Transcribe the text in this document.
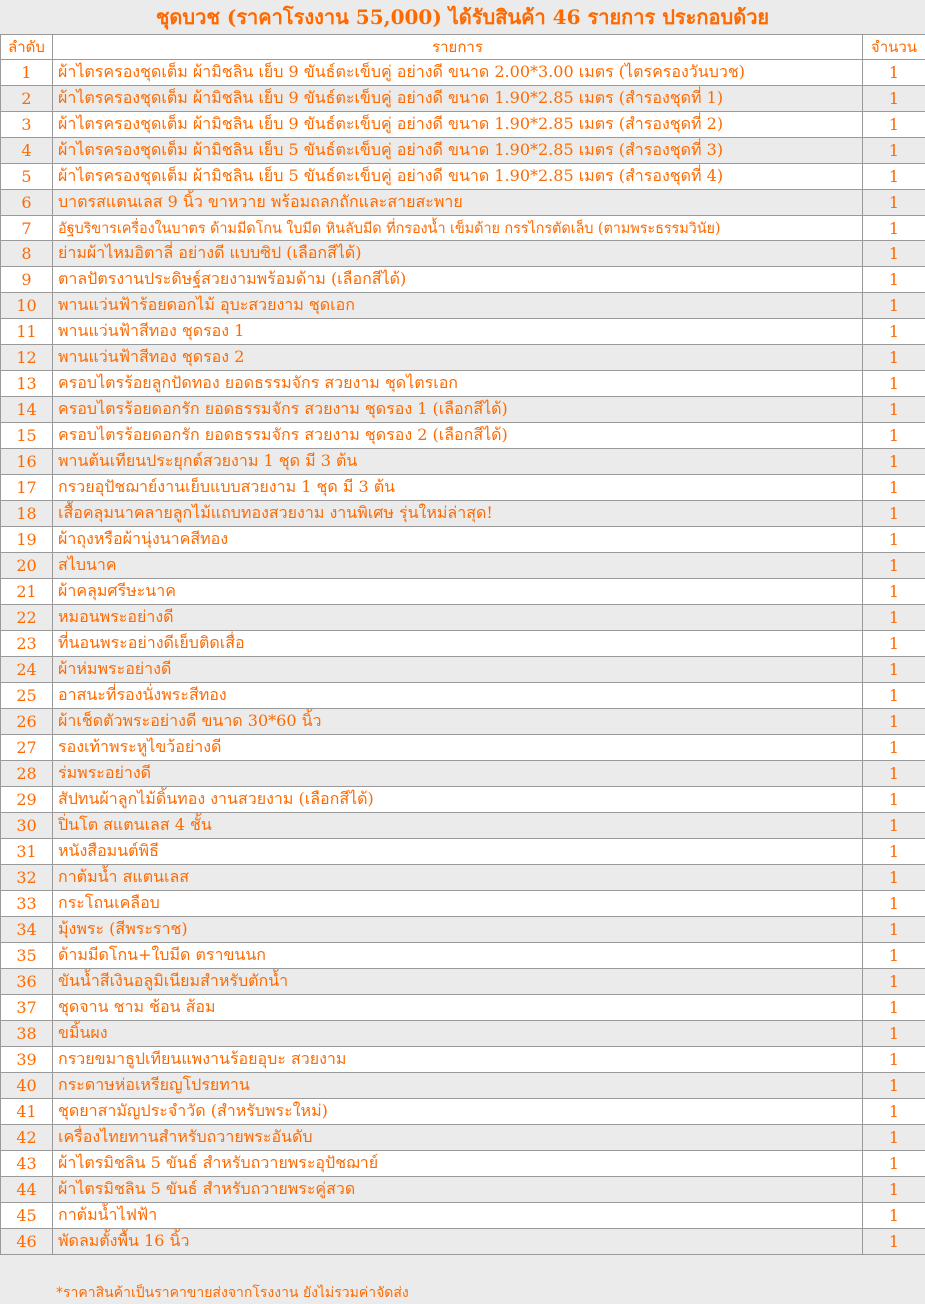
ชุดบวช (ราคาโรงงาน 55,000) ได้รับสินค้า 46 รายการ ประกอบด้วย
ลำดับ	รายการ	จำนวน
1	ผ้าไตรครองชุดเต็ม ผ้ามิชลิน เย็บ 9 ขันธ์ตะเข็บคู่ อย่างดี ขนาด 2.00*3.00 เมตร (ไตรครองวันบวช)	1
2	ผ้าไตรครองชุดเต็ม ผ้ามิชลิน เย็บ 9 ขันธ์ตะเข็บคู่ อย่างดี ขนาด 1.90*2.85 เมตร (สำรองชุดที่ 1)	1
3	ผ้าไตรครองชุดเต็ม ผ้ามิชลิน เย็บ 9 ขันธ์ตะเข็บคู่ อย่างดี ขนาด 1.90*2.85 เมตร (สำรองชุดที่ 2)	1
4	ผ้าไตรครองชุดเต็ม ผ้ามิชลิน เย็บ 5 ขันธ์ตะเข็บคู่ อย่างดี ขนาด 1.90*2.85 เมตร (สำรองชุดที่ 3)	1
5	ผ้าไตรครองชุดเต็ม ผ้ามิชลิน เย็บ 5 ขันธ์ตะเข็บคู่ อย่างดี ขนาด 1.90*2.85 เมตร (สำรองชุดที่ 4)	1
6	บาตรสแตนเลส 9 นิ้ว ขาหวาย พร้อมถลกถักและสายสะพาย	1
7	อัฐบริขารเครื่องในบาตร ด้ามมีดโกน ใบมีด หินลับมีด ที่กรองน้ำ เข็มด้าย กรรไกรตัดเล็บ (ตามพระธรรมวินัย)	1
8	ย่ามผ้าไหมอิตาลี่ อย่างดี แบบซิป (เลือกสีได้)	1
9	ตาลปัตรงานประดิษฐ์สวยงามพร้อมด้าม (เลือกสีได้)	1
10	พานแว่นฟ้าร้อยดอกไม้ อุบะสวยงาม ชุดเอก	1
11	พานแว่นฟ้าสีทอง ชุดรอง 1	1
12	พานแว่นฟ้าสีทอง ชุดรอง 2	1
13	ครอบไตรร้อยลูกปัดทอง ยอดธรรมจักร สวยงาม ชุดไตรเอก	1
14	ครอบไตรร้อยดอกรัก ยอดธรรมจักร สวยงาม ชุดรอง 1 (เลือกสีได้)	1
15	ครอบไตรร้อยดอกรัก ยอดธรรมจักร สวยงาม ชุดรอง 2 (เลือกสีได้)	1
16	พานต้นเทียนประยุกต์สวยงาม 1 ชุด มี 3 ต้น	1
17	กรวยอุปัชฌาย์งานเย็บแบบสวยงาม 1 ชุด มี 3 ต้น	1
18	เสื้อคลุมนาคลายลูกไม้แถบทองสวยงาม งานพิเศษ รุ่นใหม่ล่าสุด!	1
19	ผ้าถุงหรือผ้านุ่งนาคสีทอง	1
20	สไบนาค	1
21	ผ้าคลุมศรีษะนาค	1
22	หมอนพระอย่างดี	1
23	ที่นอนพระอย่างดีเย็บติดเสื่อ	1
24	ผ้าห่มพระอย่างดี	1
25	อาสนะที่รองนั่งพระสีทอง	1
26	ผ้าเช็ดตัวพระอย่างดี ขนาด 30*60 นิ้ว	1
27	รองเท้าพระหูไขว้อย่างดี	1
28	ร่มพระอย่างดี	1
29	สัปทนผ้าลูกไม้ดิ้นทอง งานสวยงาม (เลือกสีได้)	1
30	ปิ่นโต สแตนเลส 4 ชั้น	1
31	หนังสือมนต์พิธี	1
32	กาต้มน้ำ สแตนเลส	1
33	กระโถนเคลือบ	1
34	มุ้งพระ (สีพระราช)	1
35	ด้ามมีดโกน+ใบมีด ตราขนนก	1
36	ขันน้ำสีเงินอลูมิเนียมสำหรับตักน้ำ	1
37	ชุดจาน ชาม ช้อน ส้อม	1
38	ขมิ้นผง	1
39	กรวยขมาธูปเทียนแพงานร้อยอุบะ สวยงาม	1
40	กระดาษห่อเหรียญโปรยทาน	1
41	ชุดยาสามัญประจำวัด (สำหรับพระใหม่)	1
42	เครื่องไทยทานสำหรับถวายพระอันดับ	1
43	ผ้าไตรมิชลิน 5 ขันธ์ สำหรับถวายพระอุปัชฌาย์	1
44	ผ้าไตรมิชลิน 5 ขันธ์ สำหรับถวายพระคู่สวด	1
45	กาต้มน้ำไฟฟ้า	1
46	พัดลมตั้งพื้น 16 นิ้ว	1
*ราคาสินค้าเป็นราคาขายส่งจากโรงงาน ยังไม่รวมค่าจัดส่ง
